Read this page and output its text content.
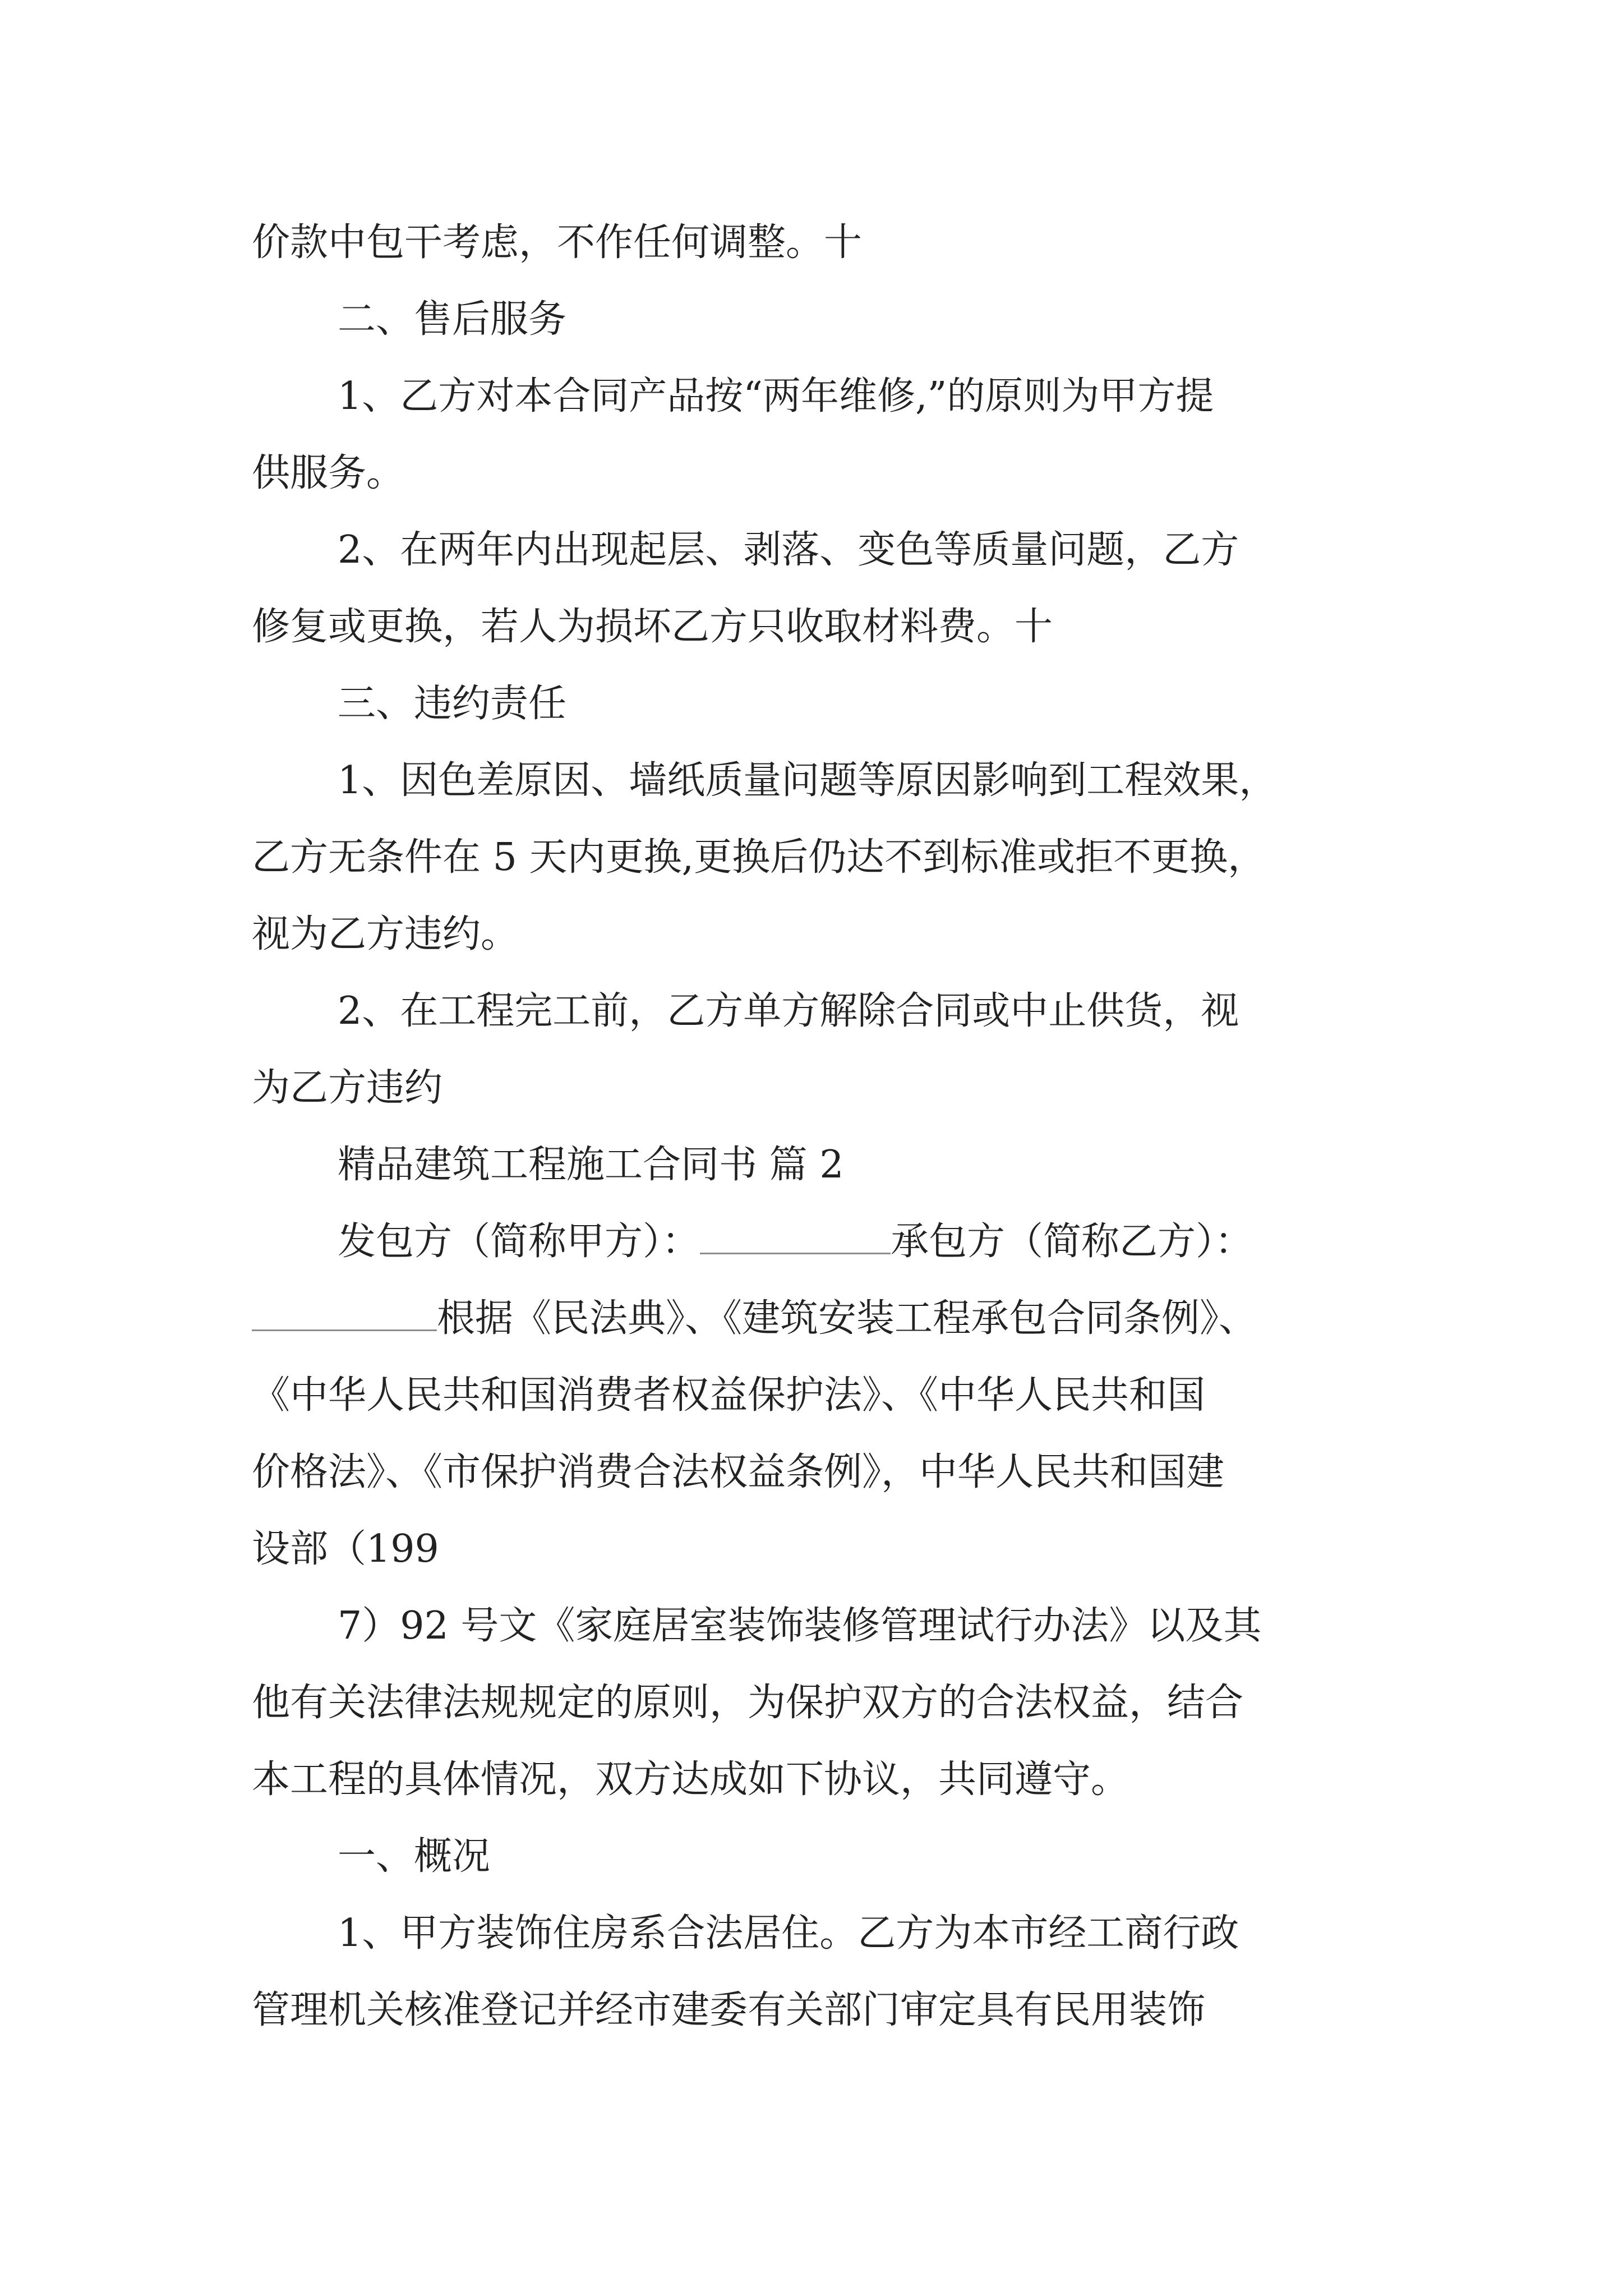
价款中包干考虑，不作任何调整。十
二、售后服务
1、乙方对本合同产品按“两年维修,”的原则为甲方提
供服务。
2、在两年内出现起层、剥落、变色等质量问题，乙方
修复或更换，若人为损坏乙方只收取材料费。十
三、违约责任
1、因色差原因、墙纸质量问题等原因影响到工程效果，
乙方无条件在 5 天内更换,更换后仍达不到标准或拒不更换，
视为乙方违约。
2、在工程完工前，乙方单方解除合同或中止供货，视
为乙方违约
精品建筑工程施工合同书 篇 2
发包方（简称甲方）：	承包方（简称乙方）：
根据《民法典》、《建筑安装工程承包合同条例》、
《中华人民共和国消费者权益保护法》、《中华人民共和国
价格法》、《市保护消费合法权益条例》，中华人民共和国建
设部（199
7）92 号文《家庭居室装饰装修管理试行办法》以及其
他有关法律法规规定的原则，为保护双方的合法权益，结合
本工程的具体情况，双方达成如下协议，共同遵守。
一、概况
1、甲方装饰住房系合法居住。乙方为本市经工商行政
管理机关核准登记并经市建委有关部门审定具有民用装饰
